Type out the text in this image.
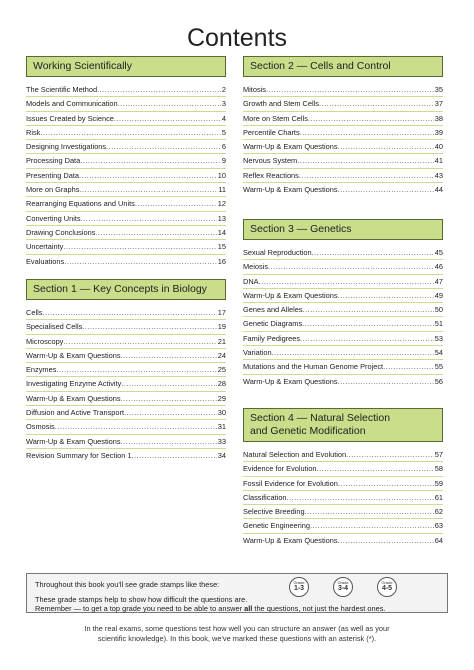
Contents
Working Scientifically
The Scientific Method .....	2
Models and Communication .....	3
Issues Created by Science .....	4
Risk .....	5
Designing Investigations .....	6
Processing Data .....	9
Presenting Data .....	10
More on Graphs .....	11
Rearranging Equations and Units .....	12
Converting Units .....	13
Drawing Conclusions .....	14
Uncertainty .....	15
Evaluations .....	16
Section 1 — Key Concepts in Biology
Cells .....	17
Specialised Cells .....	19
Microscopy .....	21
Warm-Up & Exam Questions .....	24
Enzymes .....	25
Investigating Enzyme Activity .....	28
Warm-Up & Exam Questions .....	29
Diffusion and Active Transport .....	30
Osmosis .....	31
Warm-Up & Exam Questions .....	33
Revision Summary for Section 1 .....	34
Section 2 — Cells and Control
Mitosis .....	35
Growth and Stem Cells .....	37
More on Stem Cells .....	38
Percentile Charts .....	39
Warm-Up & Exam Questions .....	40
Nervous System .....	41
Reflex Reactions .....	43
Warm-Up & Exam Questions .....	44
Section 3 — Genetics
Sexual Reproduction .....	45
Meiosis .....	46
DNA .....	47
Warm-Up & Exam Questions .....	49
Genes and Alleles .....	50
Genetic Diagrams .....	51
Family Pedigrees .....	53
Variation .....	54
Mutations and the Human Genome Project .....	55
Warm-Up & Exam Questions .....	56
Section 4 — Natural Selection
and Genetic Modification
Natural Selection and Evolution .....	57
Evidence for Evolution .....	58
Fossil Evidence for Evolution .....	59
Classification .....	61
Selective Breeding .....	62
Genetic Engineering .....	63
Warm-Up & Exam Questions .....	64
Throughout this book you'll see grade stamps like these:	Grade
1-3
Grade
3-4
Grade
4-5
These grade stamps help to show how difficult the questions are.
Remember — to get a top grade you need to be able to answer all the questions, not just the hardest ones.
In the real exams, some questions test how well you can structure an answer (as well as your
scientific knowledge). In this book, we've marked these questions with an asterisk (*).
